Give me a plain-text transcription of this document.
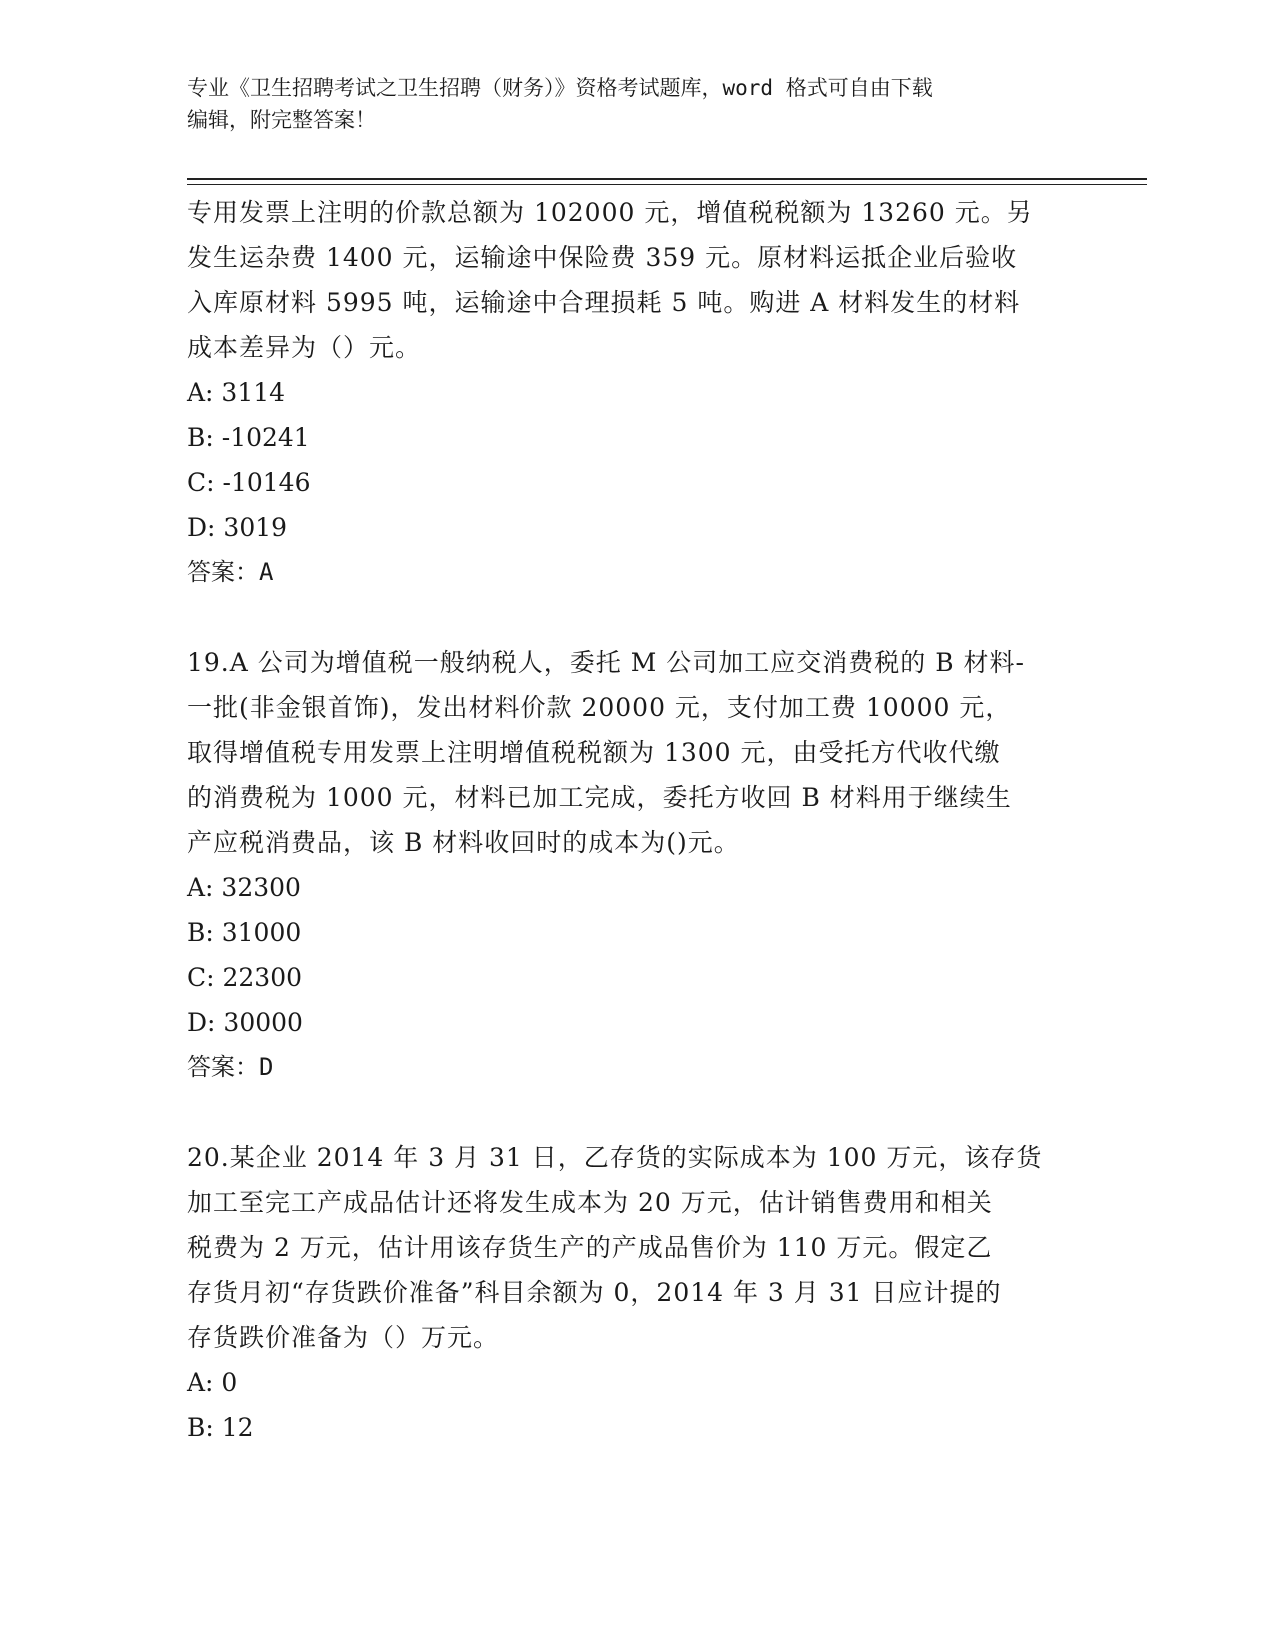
专业《卫生招聘考试之卫生招聘（财务）》资格考试题库，word 格式可自由下载
编辑，附完整答案！
专用发票上注明的价款总额为 102000 元，增值税税额为 13260 元。另
发生运杂费 1400 元，运输途中保险费 359 元。原材料运抵企业后验收
入库原材料 5995 吨，运输途中合理损耗 5 吨。购进 A 材料发生的材料
成本差异为（）元。
A: 3114
B: -10241
C: -10146
D: 3019
答案：A
19.A 公司为增值税一般纳税人，委托 M 公司加工应交消费税的 B 材料-
一批(非金银首饰)，发出材料价款 20000 元，支付加工费 10000 元，
取得增值税专用发票上注明增值税税额为 1300 元，由受托方代收代缴
的消费税为 1000 元，材料已加工完成，委托方收回 B 材料用于继续生
产应税消费品，该 B 材料收回时的成本为()元。
A: 32300
B: 31000
C: 22300
D: 30000
答案：D
20.某企业 2014 年 3 月 31 日，乙存货的实际成本为 100 万元，该存货
加工至完工产成品估计还将发生成本为 20 万元，估计销售费用和相关
税费为 2 万元，估计用该存货生产的产成品售价为 110 万元。假定乙
存货月初“存货跌价准备”科目余额为 0，2014 年 3 月 31 日应计提的
存货跌价准备为（）万元。
A: 0
B: 12
